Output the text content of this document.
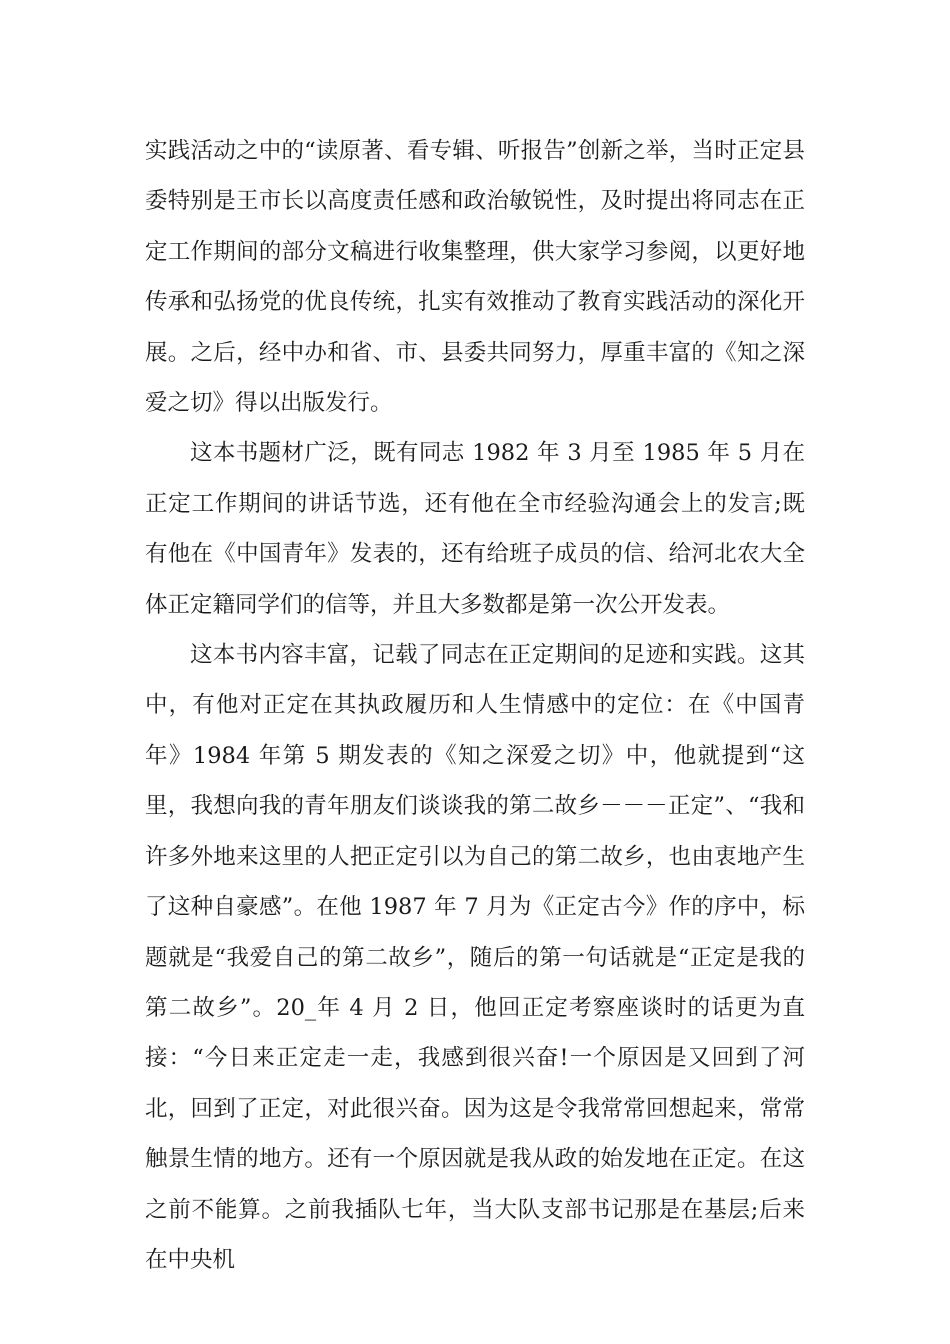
实践活动之中的“读原著、看专辑、听报告”创新之举，当时正定县委特别是王市长以高度责任感和政治敏锐性，及时提出将同志在正定工作期间的部分文稿进行收集整理，供大家学习参阅，以更好地传承和弘扬党的优良传统，扎实有效推动了教育实践活动的深化开展。之后，经中办和省、市、县委共同努力，厚重丰富的《知之深爱之切》得以出版发行。

这本书题材广泛，既有同志 1982 年 3 月至 1985 年 5 月在正定工作期间的讲话节选，还有他在全市经验沟通会上的发言;既有他在《中国青年》发表的，还有给班子成员的信、给河北农大全体正定籍同学们的信等，并且大多数都是第一次公开发表。

这本书内容丰富，记载了同志在正定期间的足迹和实践。这其中，有他对正定在其执政履历和人生情感中的定位：在《中国青年》1984 年第 5 期发表的《知之深爱之切》中，他就提到“这里，我想向我的青年朋友们谈谈我的第二故乡－－－正定”、“我和许多外地来这里的人把正定引以为自己的第二故乡，也由衷地产生了这种自豪感”。在他 1987 年 7 月为《正定古今》作的序中，标题就是“我爱自己的第二故乡”，随后的第一句话就是“正定是我的第二故乡”。20_年 4 月 2 日，他回正定考察座谈时的话更为直接：“今日来正定走一走，我感到很兴奋!一个原因是又回到了河北，回到了正定，对此很兴奋。因为这是令我常常回想起来，常常触景生情的地方。还有一个原因就是我从政的始发地在正定。在这之前不能算。之前我插队七年，当大队支部书记那是在基层;后来在中央机
